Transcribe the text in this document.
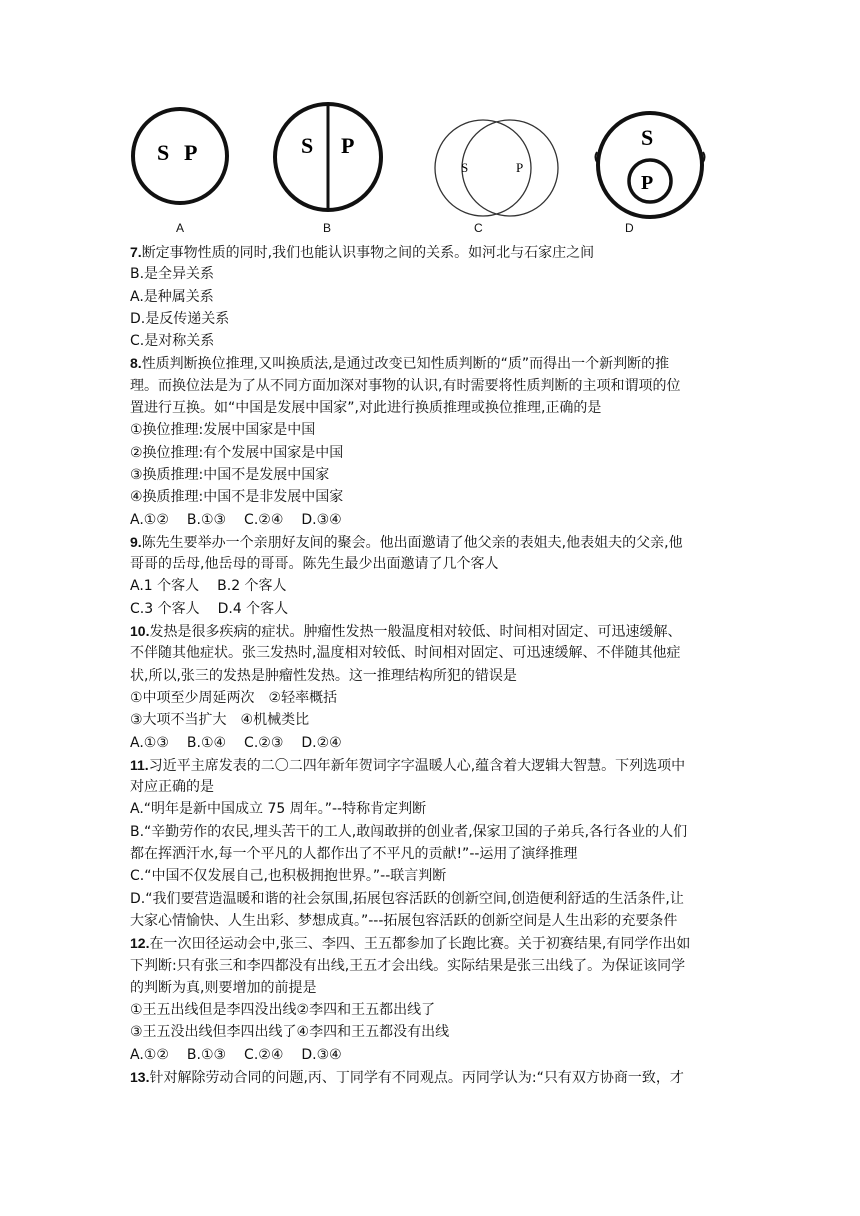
S P	S P
S	P
S
P
A	B	C	D
7.断定事物性质的同时,我们也能认识事物之间的关系。如河北与石家庄之间
B.是全异关系
A.是种属关系
D.是反传递关系
C.是对称关系
8.性质判断换位推理,又叫换质法,是通过改变已知性质判断的“质”而得出一个新判断的推
理。而换位法是为了从不同方面加深对事物的认识,有时需要将性质判断的主项和谓项的位
置进行互换。如“中国是发展中国家”,对此进行换质推理或换位推理,正确的是
①换位推理:发展中国家是中国
②换位推理:有个发展中国家是中国
③换质推理:中国不是发展中国家
④换质推理:中国不是非发展中国家
A.①② B.①③ C.②④ D.③④
9.陈先生要举办一个亲朋好友间的聚会。他出面邀请了他父亲的表姐夫,他表姐夫的父亲,他
哥哥的岳母,他岳母的哥哥。陈先生最少出面邀请了几个客人
A.1 个客人 B.2 个客人
C.3 个客人 D.4 个客人
10.发热是很多疾病的症状。肿瘤性发热一般温度相对较低、时间相对固定、可迅速缓解、
不伴随其他症状。张三发热时,温度相对较低、时间相对固定、可迅速缓解、不伴随其他症
状,所以,张三的发热是肿瘤性发热。这一推理结构所犯的错误是
①中项至少周延两次　②轻率概括
③大项不当扩大　④机械类比
A.①③ B.①④ C.②③ D.②④
11.习近平主席发表的二〇二四年新年贺词字字温暖人心,蕴含着大逻辑大智慧。下列选项中
对应正确的是
A.“明年是新中国成立 75 周年。”--特称肯定判断
B.“辛勤劳作的农民,埋头苦干的工人,敢闯敢拼的创业者,保家卫国的子弟兵,各行各业的人们
都在挥洒汗水,每一个平凡的人都作出了不平凡的贡献!”--运用了演绎推理
C.“中国不仅发展自己,也积极拥抱世界。”--联言判断
D.“我们要营造温暖和谐的社会氛围,拓展包容活跃的创新空间,创造便利舒适的生活条件,让
大家心情愉快、人生出彩、梦想成真。”---拓展包容活跃的创新空间是人生出彩的充要条件
12.在一次田径运动会中,张三、李四、王五都参加了长跑比赛。关于初赛结果,有同学作出如
下判断:只有张三和李四都没有出线,王五才会出线。实际结果是张三出线了。为保证该同学
的判断为真,则要增加的前提是
①王五出线但是李四没出线②李四和王五都出线了
③王五没出线但李四出线了④李四和王五都没有出线
A.①② B.①③ C.②④ D.③④
13.针对解除劳动合同的问题,丙、丁同学有不同观点。丙同学认为:“只有双方协商一致，才
